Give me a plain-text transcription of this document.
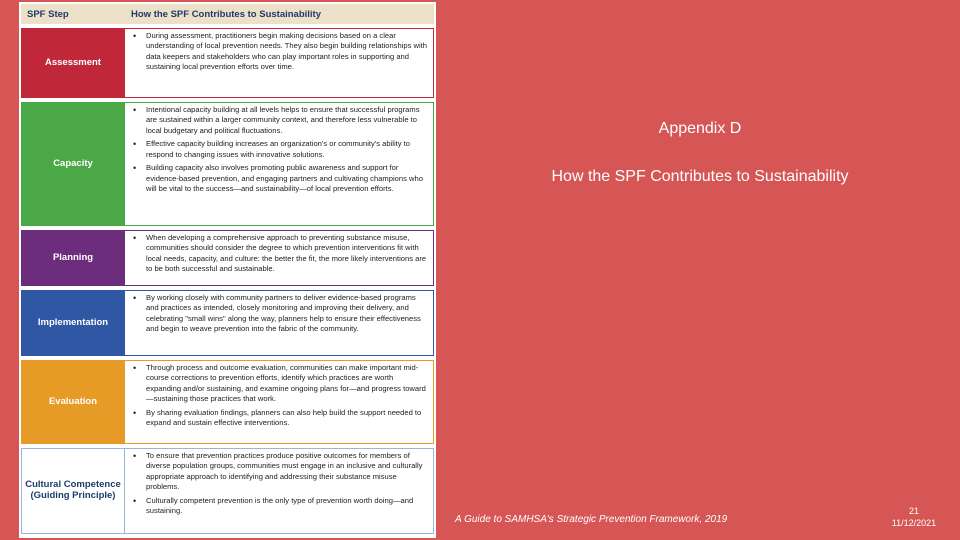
SPF Step	How the SPF Contributes to Sustainability
Assessment
• During assessment, practitioners begin making decisions based on a clear understanding of local prevention needs. They also begin building relationships with data keepers and stakeholders who can play important roles in supporting and sustaining local prevention efforts over time.
Capacity
• Intentional capacity building at all levels helps to ensure that successful programs are sustained within a larger community context, and therefore less vulnerable to local budgetary and political fluctuations.
• Effective capacity building increases an organization's or community's ability to respond to changing issues with innovative solutions.
• Building capacity also involves promoting public awareness and support for evidence-based prevention, and engaging partners and cultivating champions who will be vital to the success—and sustainability—of local prevention efforts.
Planning
• When developing a comprehensive approach to preventing substance misuse, communities should consider the degree to which prevention interventions fit with local needs, capacity, and culture: the better the fit, the more likely interventions are to be both successful and sustainable.
Implementation
• By working closely with community partners to deliver evidence-based programs and practices as intended, closely monitoring and improving their delivery, and celebrating "small wins" along the way, planners help to ensure their effectiveness and begin to weave prevention into the fabric of the community.
Evaluation
• Through process and outcome evaluation, communities can make important mid-course corrections to prevention efforts, identify which practices are worth expanding and/or sustaining, and examine ongoing plans for—and progress toward—sustaining those practices that work.
• By sharing evaluation findings, planners can also help build the support needed to expand and sustain effective interventions.
Cultural Competence (Guiding Principle)
• To ensure that prevention practices produce positive outcomes for members of diverse population groups, communities must engage in an inclusive and culturally appropriate approach to identifying and addressing their substance misuse problems.
• Culturally competent prevention is the only type of prevention worth doing—and sustaining.
Appendix D
How the SPF Contributes to Sustainability
A Guide to SAMHSA's Strategic Prevention Framework, 2019
21
11/12/2021
